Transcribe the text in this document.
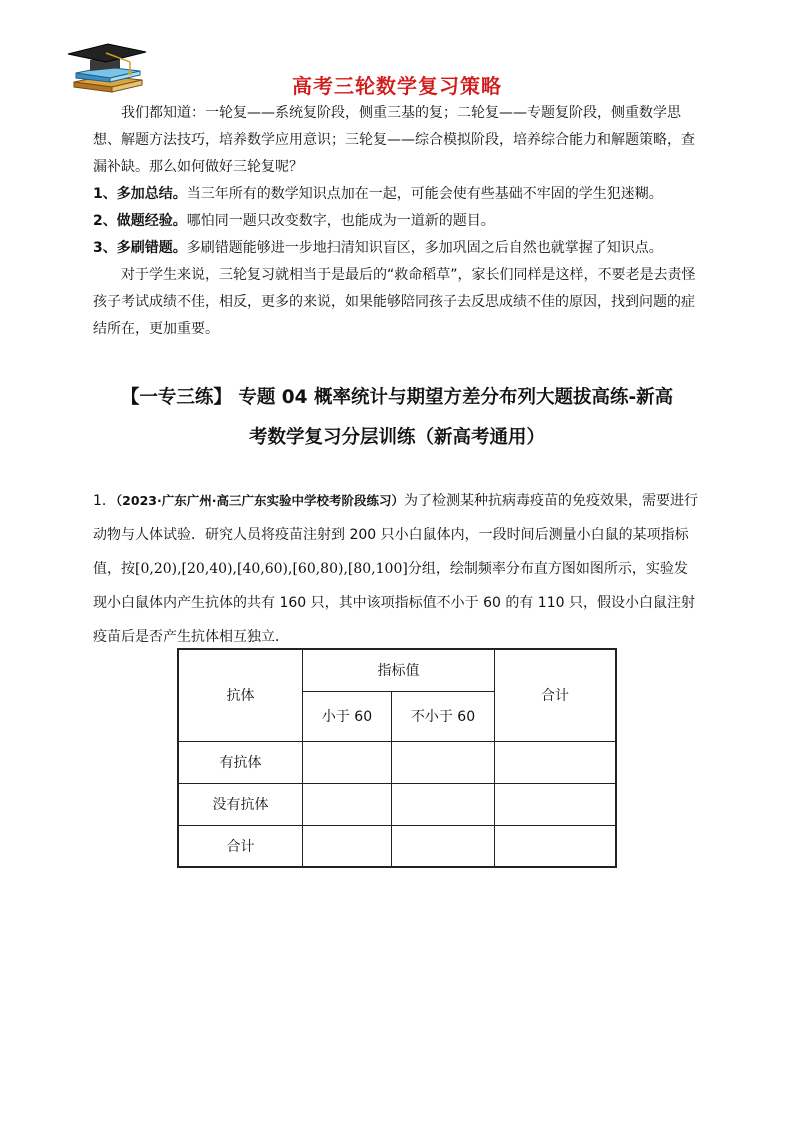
高考三轮数学复习策略

我们都知道：一轮复——系统复阶段，侧重三基的复；二轮复——专题复阶段，侧重数学思想、解题方法技巧，培养数学应用意识；三轮复——综合模拟阶段，培养综合能力和解题策略，查漏补缺。那么如何做好三轮复呢？

1、多加总结。当三年所有的数学知识点加在一起，可能会使有些基础不牢固的学生犯迷糊。

2、做题经验。哪怕同一题只改变数字，也能成为一道新的题目。

3、多刷错题。多刷错题能够进一步地扫清知识盲区，多加巩固之后自然也就掌握了知识点。

对于学生来说，三轮复习就相当于是最后的“救命稻草”，家长们同样是这样，不要老是去责怪孩子考试成绩不佳，相反，更多的来说，如果能够陪同孩子去反思成绩不佳的原因，找到问题的症结所在，更加重要。

【一专三练】 专题 04 概率统计与期望方差分布列大题拔高练-新高
考数学复习分层训练（新高考通用）

1．（2023·广东广州·高三广东实验中学校考阶段练习）为了检测某种抗病毒疫苗的免疫效果，需要进行动物与人体试验．研究人员将疫苗注射到 200 只小白鼠体内，一段时间后测量小白鼠的某项指标值，按[0,20),[20,40),[40,60),[60,80),[80,100]分组，绘制频率分布直方图如图所示，实验发现小白鼠体内产生抗体的共有 160 只，其中该项指标值不小于 60 的有 110 只，假设小白鼠注射疫苗后是否产生抗体相互独立．

抗体	指标值		合计
	小于 60	不小于 60	
有抗体			
没有抗体			
合计			
